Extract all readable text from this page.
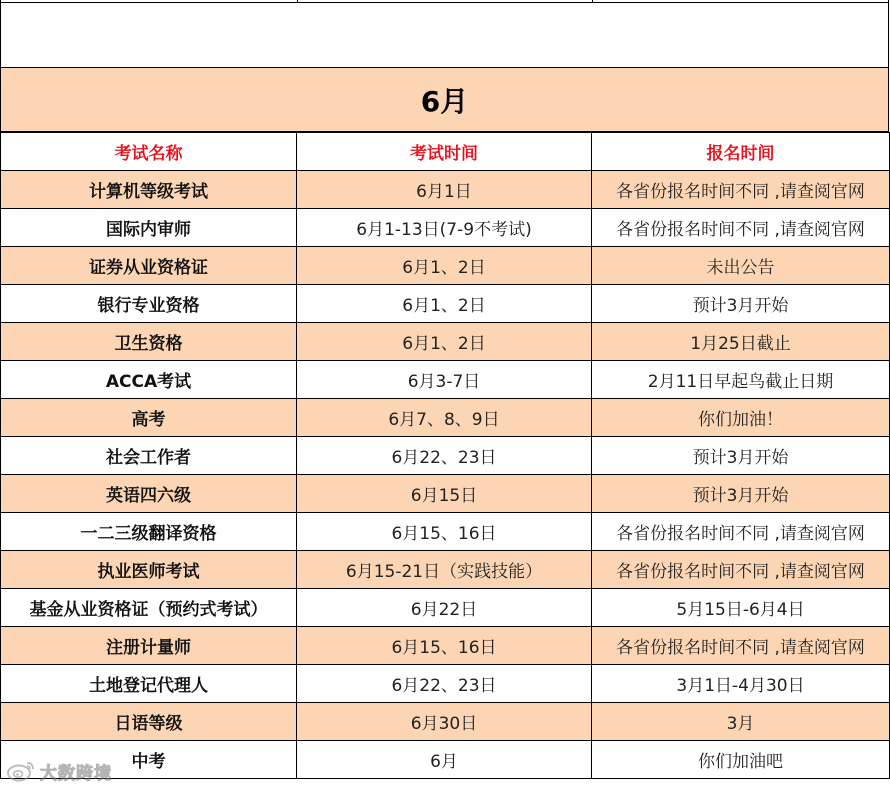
6月
考试名称	考试时间	报名时间
计算机等级考试	6月1日	各省份报名时间不同 ,请查阅官网
国际内审师	6月1-13日(7-9不考试)	各省份报名时间不同 ,请查阅官网
证券从业资格证	6月1、2日	未出公告
银行专业资格	6月1、2日	预计3月开始
卫生资格	6月1、2日	1月25日截止
ACCA考试	6月3-7日	2月11日早起鸟截止日期
高考	6月7、8、9日	你们加油！
社会工作者	6月22、23日	预计3月开始
英语四六级	6月15日	预计3月开始
一二三级翻译资格	6月15、16日	各省份报名时间不同 ,请查阅官网
执业医师考试	6月15-21日（实践技能）	各省份报名时间不同 ,请查阅官网
基金从业资格证（预约式考试）	6月22日	5月15日-6月4日
注册计量师	6月15、16日	各省份报名时间不同 ,请查阅官网
土地登记代理人	6月22、23日	3月1日-4月30日
日语等级	6月30日	3月
中考	6月	你们加油吧
大数跨境
